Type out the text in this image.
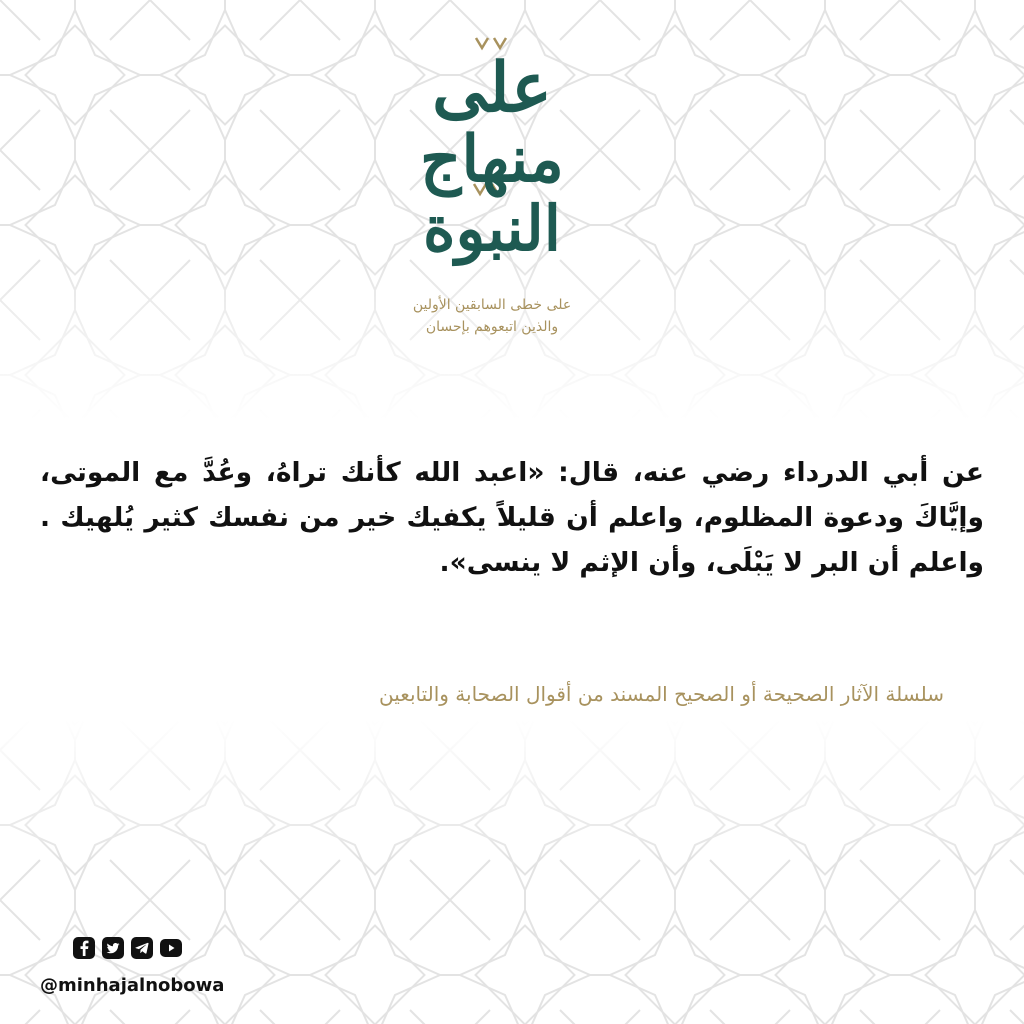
على
منهاج
النبوة
على خطى السابقين الأولين
والذين اتبعوهم بإحسان
عن أبي الدرداء رضي عنه، قال: «اعبد الله كأنك تراهُ، وعُدَّ مع الموتى، وإيَّاكَ ودعوة المظلوم، واعلم أن قليلاً يكفيك خير من نفسك كثير يُلهيك . واعلم أن البر لا يَبْلَى، وأن الإثم لا ينسى».
سلسلة الآثار الصحيحة أو الصحيح المسند من أقوال الصحابة والتابعين
@minhajalnobowa
